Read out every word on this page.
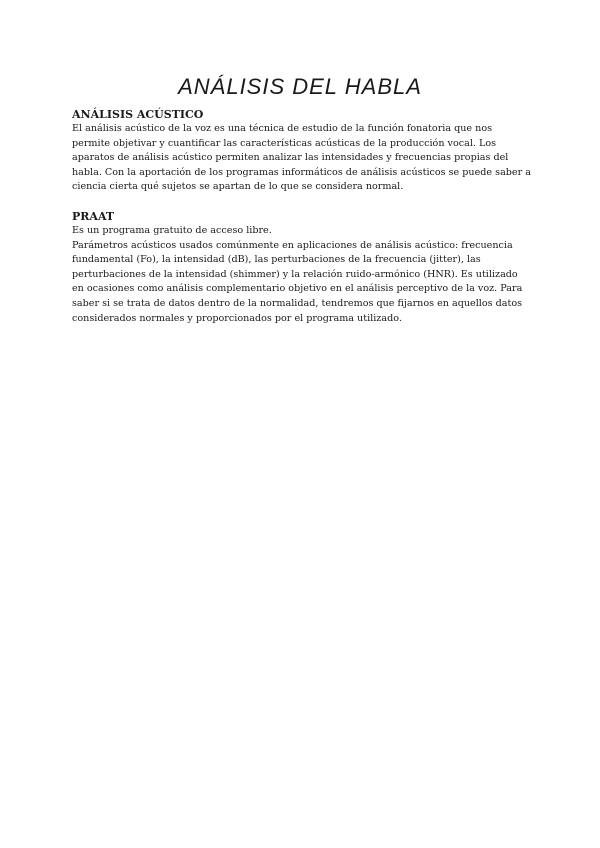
ANÁLISIS DEL HABLA

ANÁLISIS ACÚSTICO

El análisis acústico de la voz es una técnica de estudio de la función fonatoria que nos permite objetivar y cuantificar las características acústicas de la producción vocal. Los aparatos de análisis acústico permiten analizar las intensidades y frecuencias propias del habla. Con la aportación de los programas informáticos de análisis acústicos se puede saber a ciencia cierta qué sujetos se apartan de lo que se considera normal.

PRAAT

Es un programa gratuito de acceso libre.

Parámetros acústicos usados comúnmente en aplicaciones de análisis acústico: frecuencia fundamental (Fo), la intensidad (dB), las perturbaciones de la frecuencia (jitter), las perturbaciones de la intensidad (shimmer) y la relación ruido-armónico (HNR). Es utilizado en ocasiones como análisis complementario objetivo en el análisis perceptivo de la voz. Para saber si se trata de datos dentro de la normalidad, tendremos que fijarnos en aquellos datos considerados normales y proporcionados por el programa utilizado.
